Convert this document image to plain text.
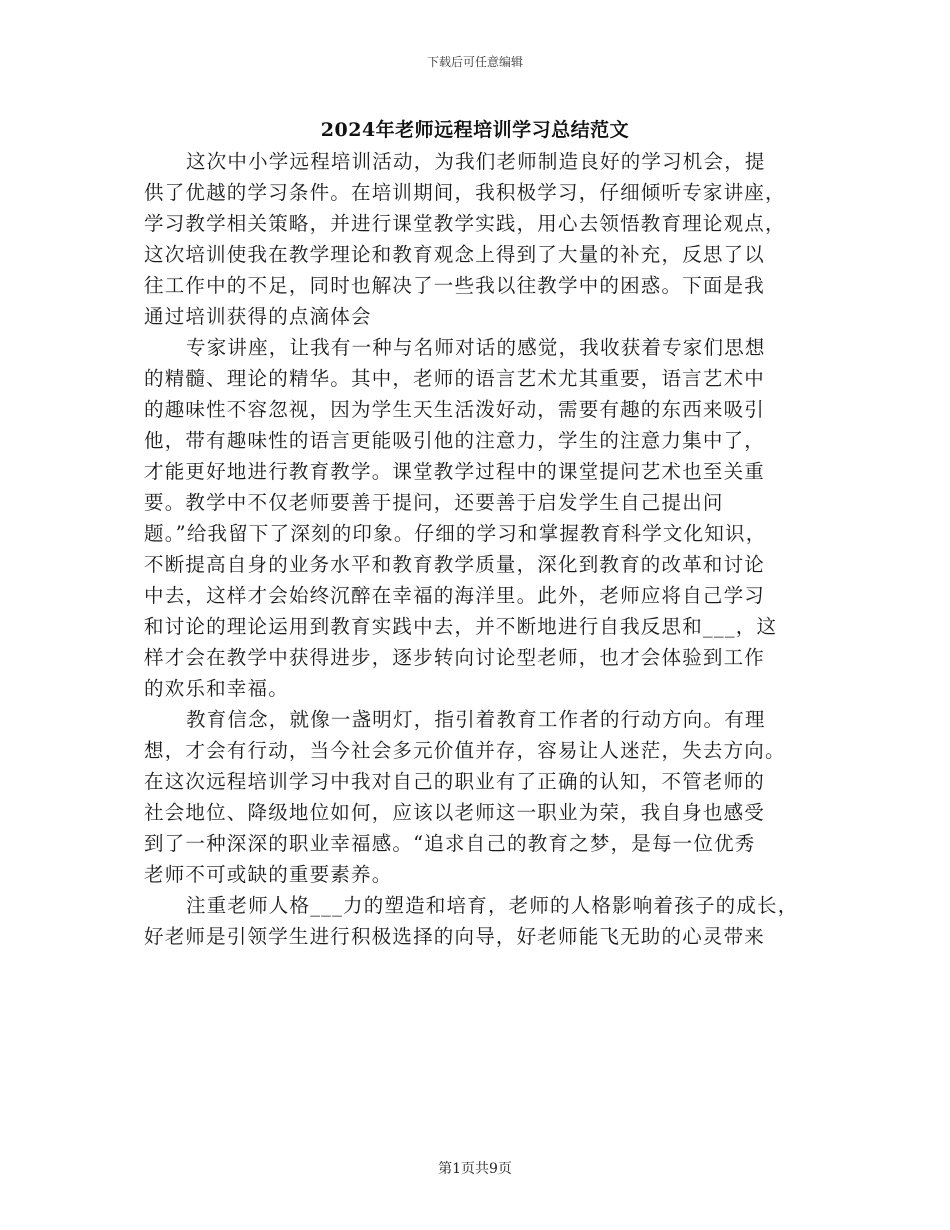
下载后可任意编辑
2024年老师远程培训学习总结范文
这次中小学远程培训活动，为我们老师制造良好的学习机会，提
供了优越的学习条件。在培训期间，我积极学习，仔细倾听专家讲座，
学习教学相关策略，并进行课堂教学实践，用心去领悟教育理论观点，
这次培训使我在教学理论和教育观念上得到了大量的补充，反思了以
往工作中的不足，同时也解决了一些我以往教学中的困惑。下面是我
通过培训获得的点滴体会
专家讲座，让我有一种与名师对话的感觉，我收获着专家们思想
的精髓、理论的精华。其中，老师的语言艺术尤其重要，语言艺术中
的趣味性不容忽视，因为学生天生活泼好动，需要有趣的东西来吸引
他，带有趣味性的语言更能吸引他的注意力，学生的注意力集中了，
才能更好地进行教育教学。课堂教学过程中的课堂提问艺术也至关重
要。教学中不仅老师要善于提问，还要善于启发学生自己提出问
题。”给我留下了深刻的印象。仔细的学习和掌握教育科学文化知识，
不断提高自身的业务水平和教育教学质量，深化到教育的改革和讨论
中去，这样才会始终沉醉在幸福的海洋里。此外，老师应将自己学习
和讨论的理论运用到教育实践中去，并不断地进行自我反思和___，这
样才会在教学中获得进步，逐步转向讨论型老师，也才会体验到工作
的欢乐和幸福。
教育信念，就像一盏明灯，指引着教育工作者的行动方向。有理
想，才会有行动，当今社会多元价值并存，容易让人迷茫，失去方向。
在这次远程培训学习中我对自己的职业有了正确的认知，不管老师的
社会地位、降级地位如何，应该以老师这一职业为荣，我自身也感受
到了一种深深的职业幸福感。“追求自己的教育之梦，是每一位优秀
老师不可或缺的重要素养。
注重老师人格___力的塑造和培育，老师的人格影响着孩子的成长，
好老师是引领学生进行积极选择的向导，好老师能飞无助的心灵带来
第1页共9页
